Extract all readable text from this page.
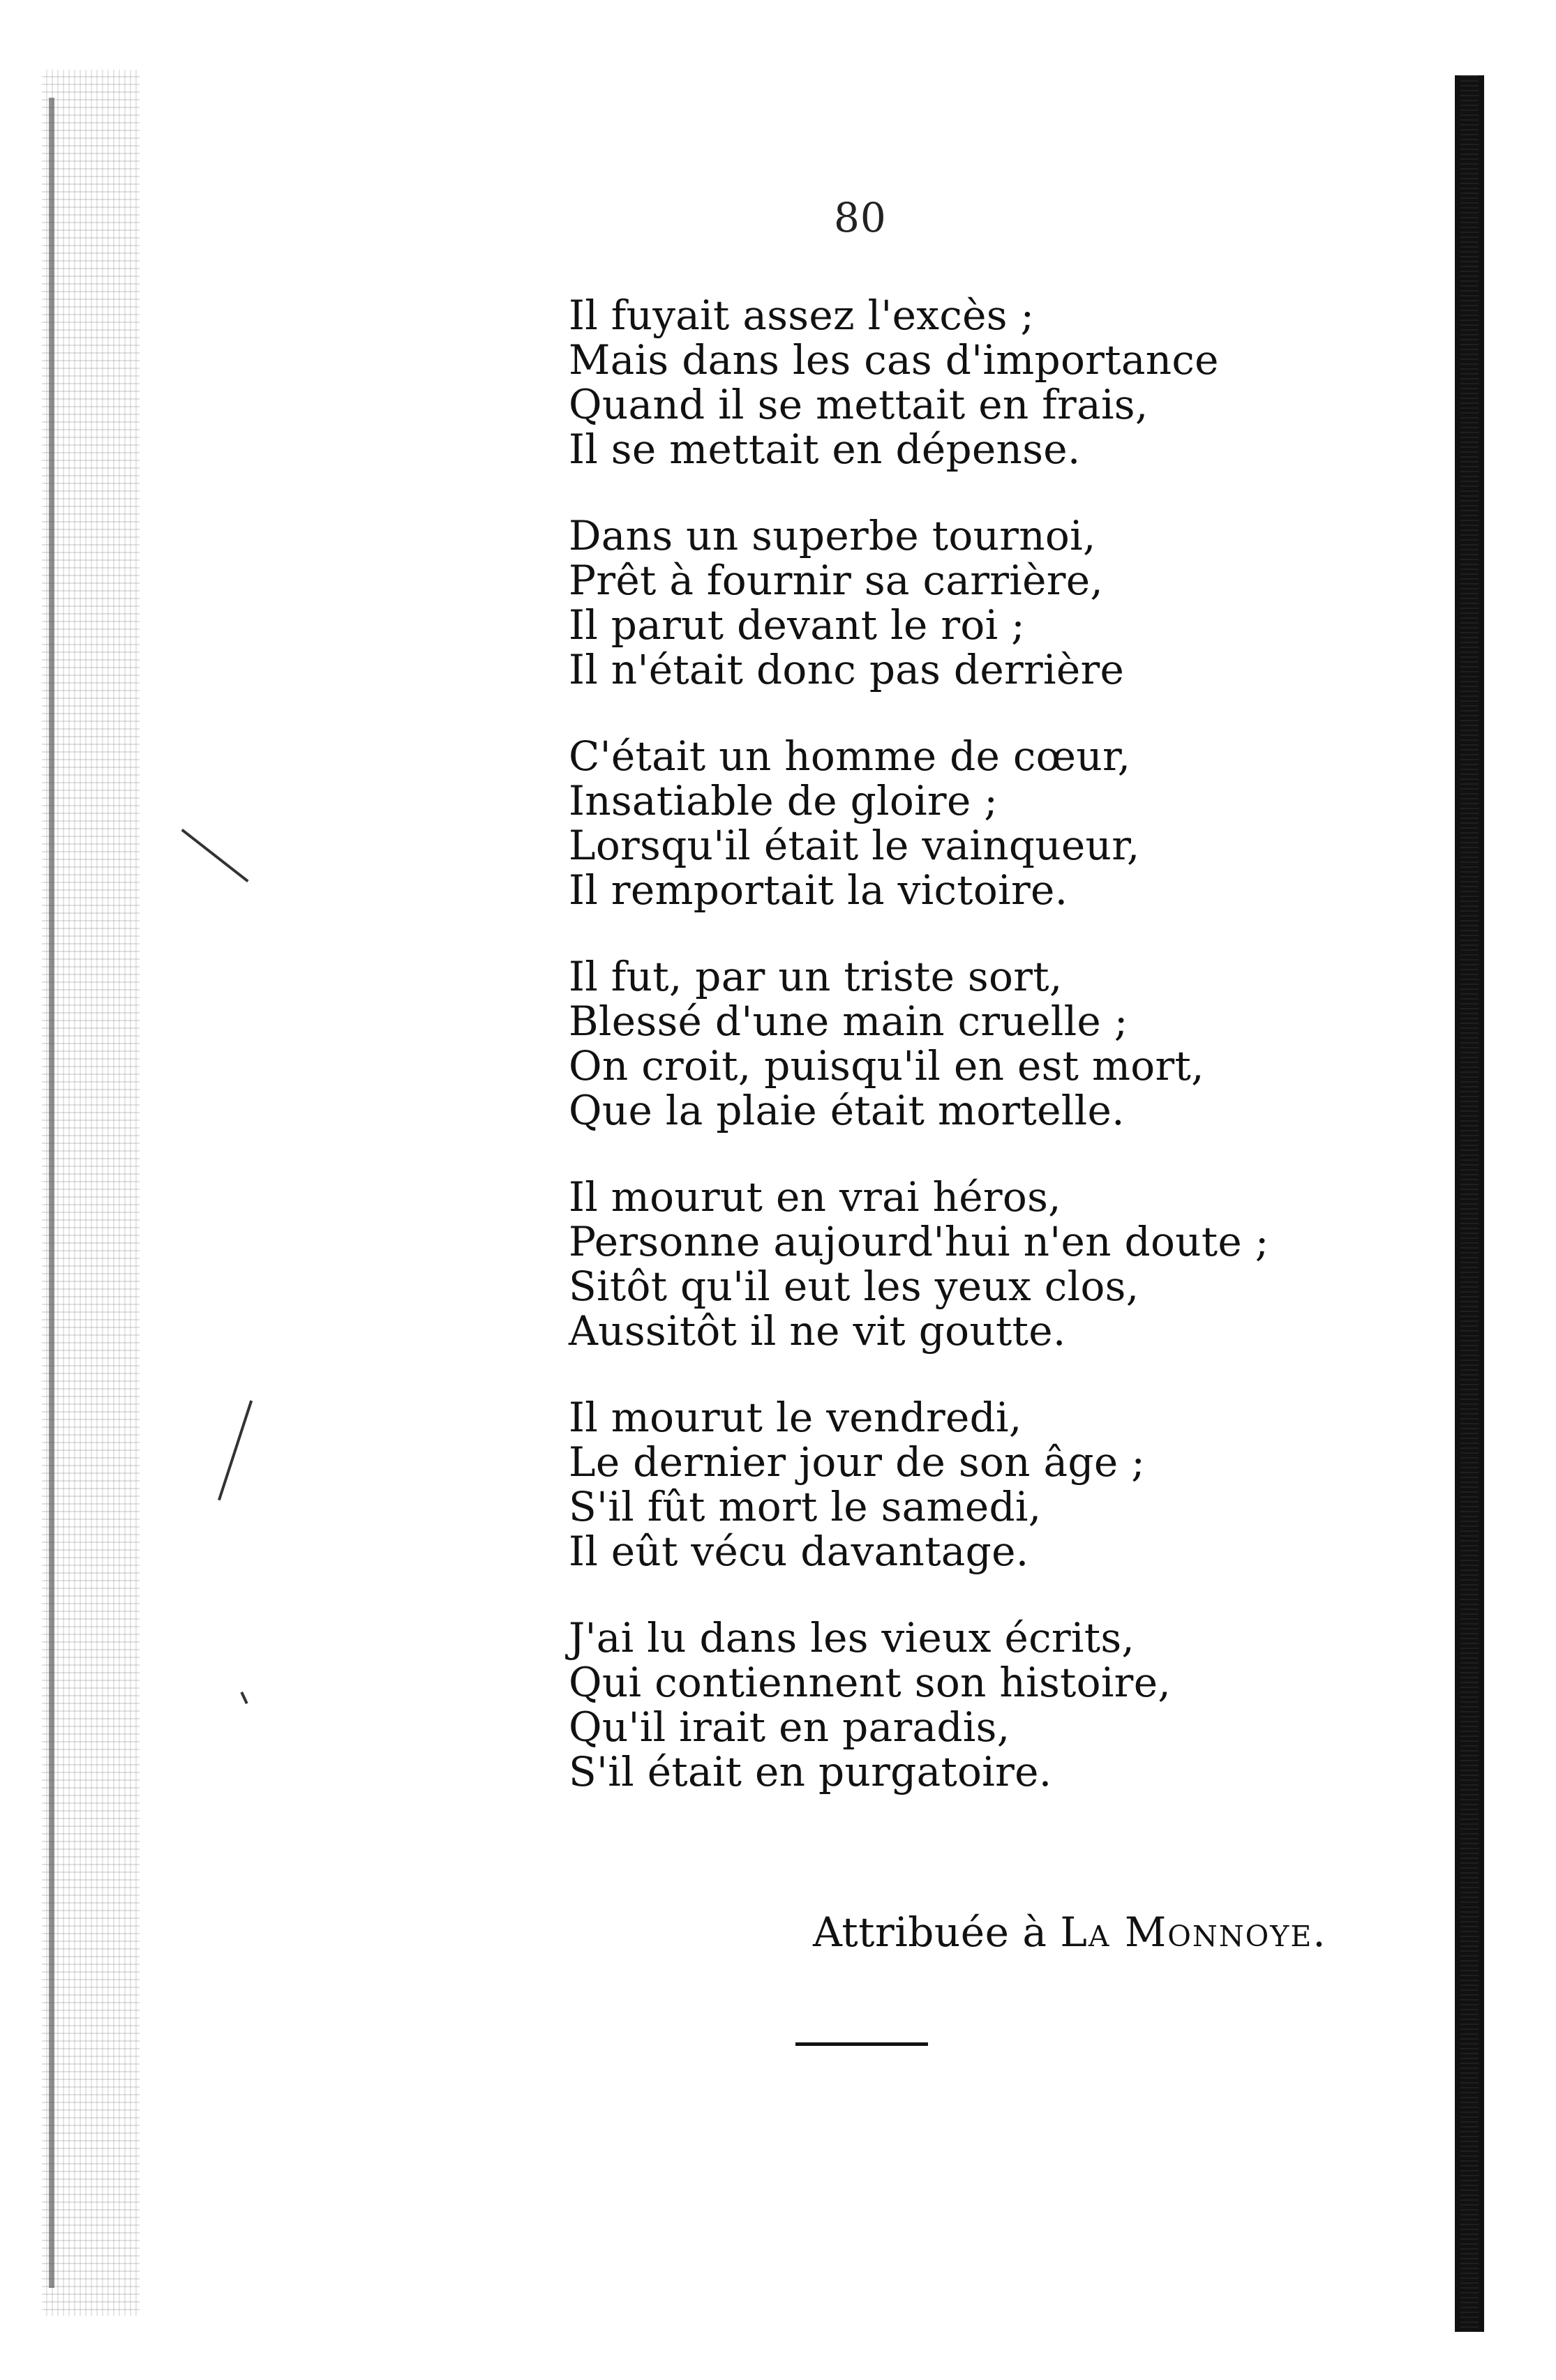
80
Il fuyait assez l'excès ;
Mais dans les cas d'importance
Quand il se mettait en frais,
Il se mettait en dépense.
Dans un superbe tournoi,
Prêt à fournir sa carrière,
Il parut devant le roi ;
Il n'était donc pas derrière
C'était un homme de cœur,
Insatiable de gloire ;
Lorsqu'il était le vainqueur,
Il remportait la victoire.
Il fut, par un triste sort,
Blessé d'une main cruelle ;
On croit, puisqu'il en est mort,
Que la plaie était mortelle.
Il mourut en vrai héros,
Personne aujourd'hui n'en doute ;
Sitôt qu'il eut les yeux clos,
Aussitôt il ne vit goutte.
Il mourut le vendredi,
Le dernier jour de son âge ;
S'il fût mort le samedi,
Il eût vécu davantage.
J'ai lu dans les vieux écrits,
Qui contiennent son histoire,
Qu'il irait en paradis,
S'il était en purgatoire.
Attribuée à La Monnoye.
